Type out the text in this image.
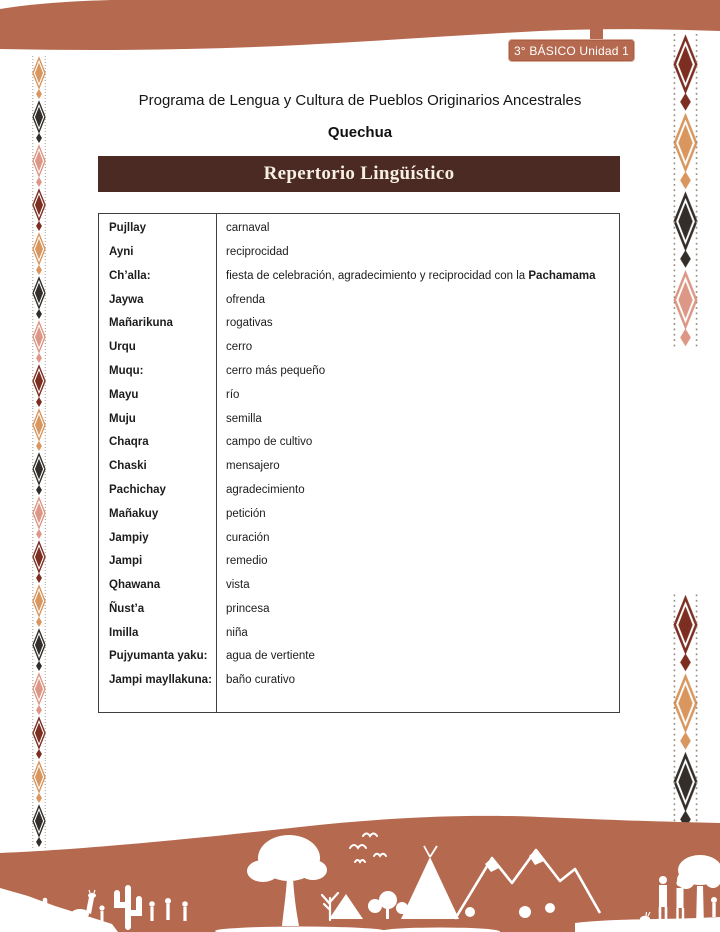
3° BÁSICO Unidad 1
Programa de Lengua y Cultura de Pueblos Originarios Ancestrales
Quechua
Repertorio Lingüístico
Pujllay	carnaval
Ayni	reciprocidad
Ch’alla:	fiesta de celebración, agradecimiento y reciprocidad con la Pachamama
Jaywa	ofrenda
Mañarikuna	rogativas
Urqu	cerro
Muqu:	cerro más pequeño
Mayu	río
Muju	semilla
Chaqra	campo de cultivo
Chaski	mensajero
Pachichay	agradecimiento
Mañakuy	petición
Jampiy	curación
Jampi	remedio
Qhawana	vista
Ñust’a	princesa
Imilla	niña
Pujyumanta yaku:	agua de vertiente
Jampi mayllakuna:	baño curativo
